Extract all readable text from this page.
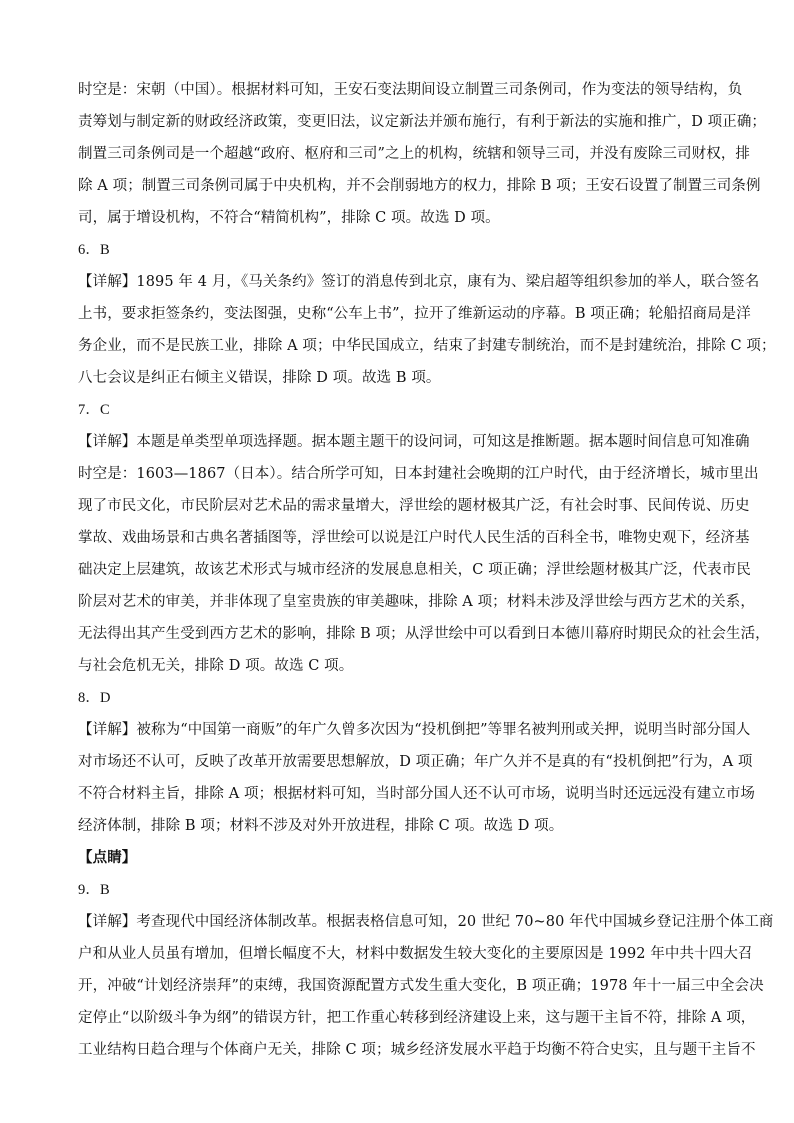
时空是：宋朝（中国）。根据材料可知，王安石变法期间设立制置三司条例司，作为变法的领导结构，负
责筹划与制定新的财政经济政策，变更旧法，议定新法并颁布施行，有利于新法的实施和推广，D 项正确；
制置三司条例司是一个超越“政府、枢府和三司”之上的机构，统辖和领导三司，并没有废除三司财权，排
除 A 项；制置三司条例司属于中央机构，并不会削弱地方的权力，排除 B 项；王安石设置了制置三司条例
司，属于增设机构，不符合“精简机构”，排除 C 项。故选 D 项。
6．B
【详解】1895 年 4 月，《马关条约》签订的消息传到北京，康有为、梁启超等组织参加的举人，联合签名
上书，要求拒签条约，变法图强，史称“公车上书”，拉开了维新运动的序幕。B 项正确；轮船招商局是洋
务企业，而不是民族工业，排除 A 项；中华民国成立，结束了封建专制统治，而不是封建统治，排除 C 项；
八七会议是纠正右倾主义错误，排除 D 项。故选 B 项。
7．C
【详解】本题是单类型单项选择题。据本题主题干的设问词，可知这是推断题。据本题时间信息可知准确
时空是：1603—1867（日本）。结合所学可知，日本封建社会晚期的江户时代，由于经济增长，城市里出
现了市民文化，市民阶层对艺术品的需求量增大，浮世绘的题材极其广泛，有社会时事、民间传说、历史
掌故、戏曲场景和古典名著插图等，浮世绘可以说是江户时代人民生活的百科全书，唯物史观下，经济基
础决定上层建筑，故该艺术形式与城市经济的发展息息相关，C 项正确；浮世绘题材极其广泛，代表市民
阶层对艺术的审美，并非体现了皇室贵族的审美趣味，排除 A 项；材料未涉及浮世绘与西方艺术的关系，
无法得出其产生受到西方艺术的影响，排除 B 项；从浮世绘中可以看到日本德川幕府时期民众的社会生活，
与社会危机无关，排除 D 项。故选 C 项。
8．D
【详解】被称为“中国第一商贩”的年广久曾多次因为“投机倒把”等罪名被判刑或关押，说明当时部分国人
对市场还不认可，反映了改革开放需要思想解放，D 项正确；年广久并不是真的有“投机倒把”行为，A 项
不符合材料主旨，排除 A 项；根据材料可知，当时部分国人还不认可市场，说明当时还远远没有建立市场
经济体制，排除 B 项；材料不涉及对外开放进程，排除 C 项。故选 D 项。
【点睛】
9．B
【详解】考查现代中国经济体制改革。根据表格信息可知，20 世纪 70~80 年代中国城乡登记注册个体工商
户和从业人员虽有增加，但增长幅度不大，材料中数据发生较大变化的主要原因是 1992 年中共十四大召
开，冲破“计划经济崇拜”的束缚，我国资源配置方式发生重大变化，B 项正确；1978 年十一届三中全会决
定停止“以阶级斗争为纲”的错误方针，把工作重心转移到经济建设上来，这与题干主旨不符，排除 A 项，
工业结构日趋合理与个体商户无关，排除 C 项；城乡经济发展水平趋于均衡不符合史实，且与题干主旨不
